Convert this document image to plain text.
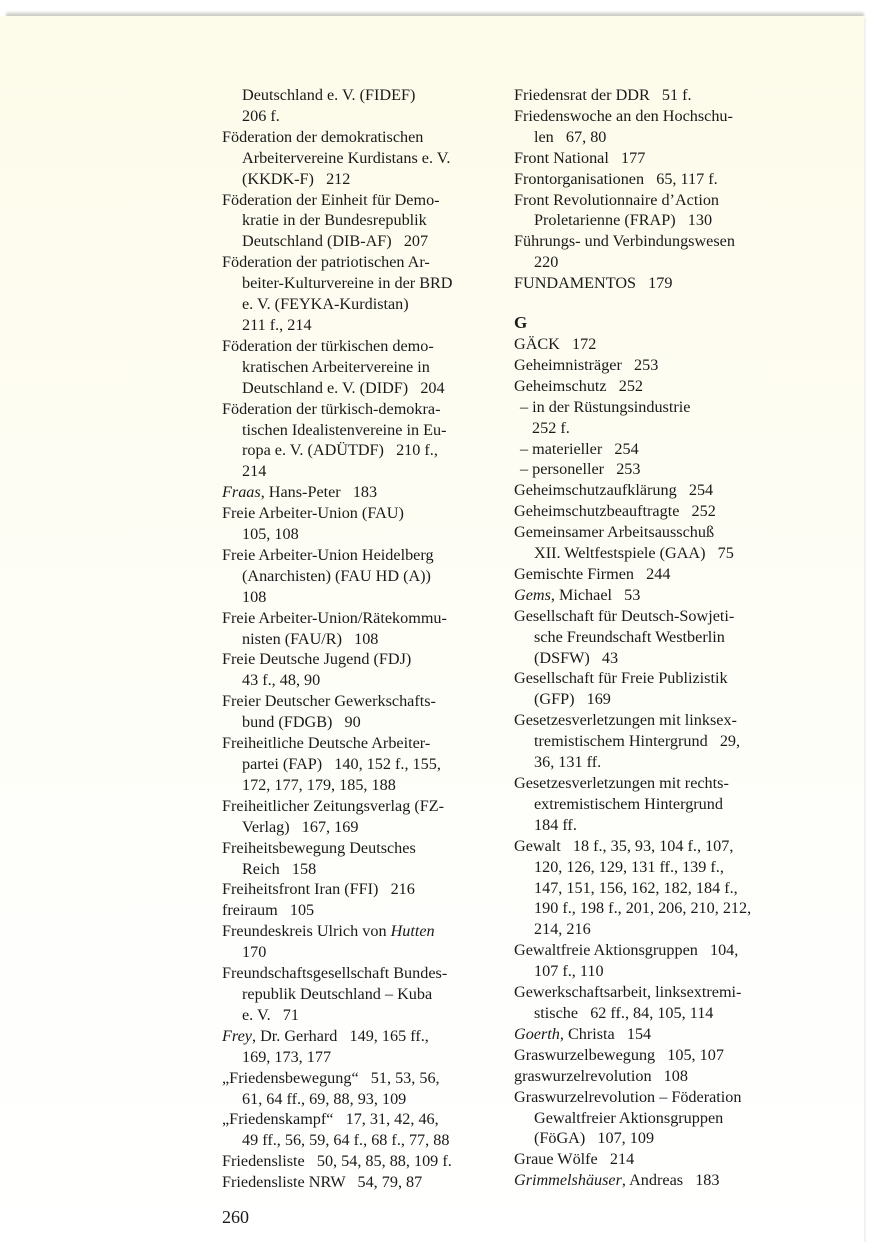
Deutschland e. V. (FIDEF)
206 f.
Föderation der demokratischen
Arbeitervereine Kurdistans e. V.
(KKDK-F)   212
Föderation der Einheit für Demo-
kratie in der Bundesrepublik
Deutschland (DIB-AF)   207
Föderation der patriotischen Ar-
beiter-Kulturvereine in der BRD
e. V. (FEYKA-Kurdistan)
211 f., 214
Föderation der türkischen demo-
kratischen Arbeitervereine in
Deutschland e. V. (DIDF)   204
Föderation der türkisch-demokra-
tischen Idealistenvereine in Eu-
ropa e. V. (ADÜTDF)   210 f.,
214
Fraas, Hans-Peter   183
Freie Arbeiter-Union (FAU)
105, 108
Freie Arbeiter-Union Heidelberg
(Anarchisten) (FAU HD (A))
108
Freie Arbeiter-Union/Rätekommu-
nisten (FAU/R)   108
Freie Deutsche Jugend (FDJ)
43 f., 48, 90
Freier Deutscher Gewerkschafts-
bund (FDGB)   90
Freiheitliche Deutsche Arbeiter-
partei (FAP)   140, 152 f., 155,
172, 177, 179, 185, 188
Freiheitlicher Zeitungsverlag (FZ-
Verlag)   167, 169
Freiheitsbewegung Deutsches
Reich   158
Freiheitsfront Iran (FFI)   216
freiraum   105
Freundeskreis Ulrich von Hutten
170
Freundschaftsgesellschaft Bundes-
republik Deutschland – Kuba
e. V.   71
Frey, Dr. Gerhard   149, 165 ff.,
169, 173, 177
„Friedensbewegung“   51, 53, 56,
61, 64 ff., 69, 88, 93, 109
„Friedenskampf“   17, 31, 42, 46,
49 ff., 56, 59, 64 f., 68 f., 77, 88
Friedensliste   50, 54, 85, 88, 109 f.
Friedensliste NRW   54, 79, 87
Friedensrat der DDR   51 f.
Friedenswoche an den Hochschu-
len   67, 80
Front National   177
Frontorganisationen   65, 117 f.
Front Revolutionnaire d’Action
Proletarienne (FRAP)   130
Führungs- und Verbindungswesen
220
FUNDAMENTOS   179
G
GÄCK   172
Geheimnisträger   253
Geheimschutz   252
– in der Rüstungsindustrie
252 f.
– materieller   254
– personeller   253
Geheimschutzaufklärung   254
Geheimschutzbeauftragte   252
Gemeinsamer Arbeitsausschuß
XII. Weltfestspiele (GAA)   75
Gemischte Firmen   244
Gems, Michael   53
Gesellschaft für Deutsch-Sowjeti-
sche Freundschaft Westberlin
(DSFW)   43
Gesellschaft für Freie Publizistik
(GFP)   169
Gesetzesverletzungen mit linksex-
tremistischem Hintergrund   29,
36, 131 ff.
Gesetzesverletzungen mit rechts-
extremistischem Hintergrund
184 ff.
Gewalt   18 f., 35, 93, 104 f., 107,
120, 126, 129, 131 ff., 139 f.,
147, 151, 156, 162, 182, 184 f.,
190 f., 198 f., 201, 206, 210, 212,
214, 216
Gewaltfreie Aktionsgruppen   104,
107 f., 110
Gewerkschaftsarbeit, linksextremi-
stische   62 ff., 84, 105, 114
Goerth, Christa   154
Graswurzelbewegung   105, 107
graswurzelrevolution   108
Graswurzelrevolution – Föderation
Gewaltfreier Aktionsgruppen
(FöGA)   107, 109
Graue Wölfe   214
Grimmelshäuser, Andreas   183
260
